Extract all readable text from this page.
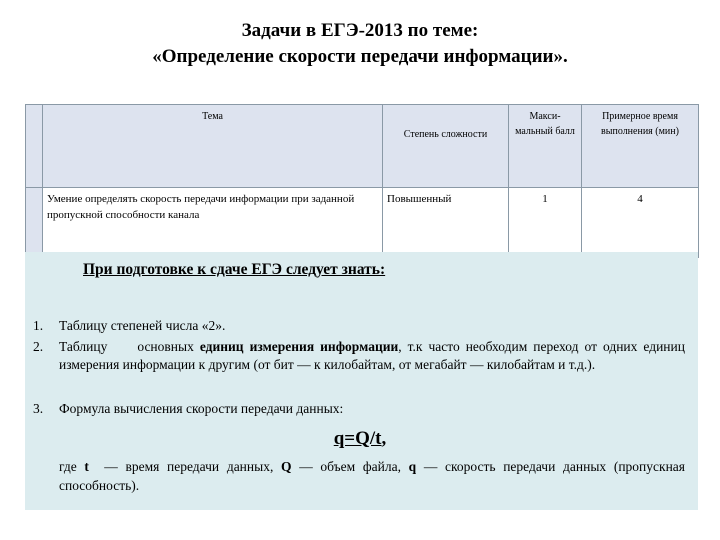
Задачи в ЕГЭ-2013 по теме:
«Определение скорости передачи информации».
	Тема	Степень сложности	Макси-мальный балл	Примерное время выполнения (мин)
	Умение определять скорость передачи информации при заданной пропускной способности канала	Повышенный	1	4
При подготовке к сдаче ЕГЭ следует знать:
1. Таблицу степеней числа «2».
2. Таблицу     основных единиц измерения информации, т.к часто необходим переход от одних единиц измерения информации к другим (от бит — к килобайтам, от мегабайт — килобайтам и т.д.).
3. Формула вычисления скорости передачи данных:
q=Q/t,
где t  — время передачи данных, Q — объем файла, q — скорость передачи данных (пропускная способность).
